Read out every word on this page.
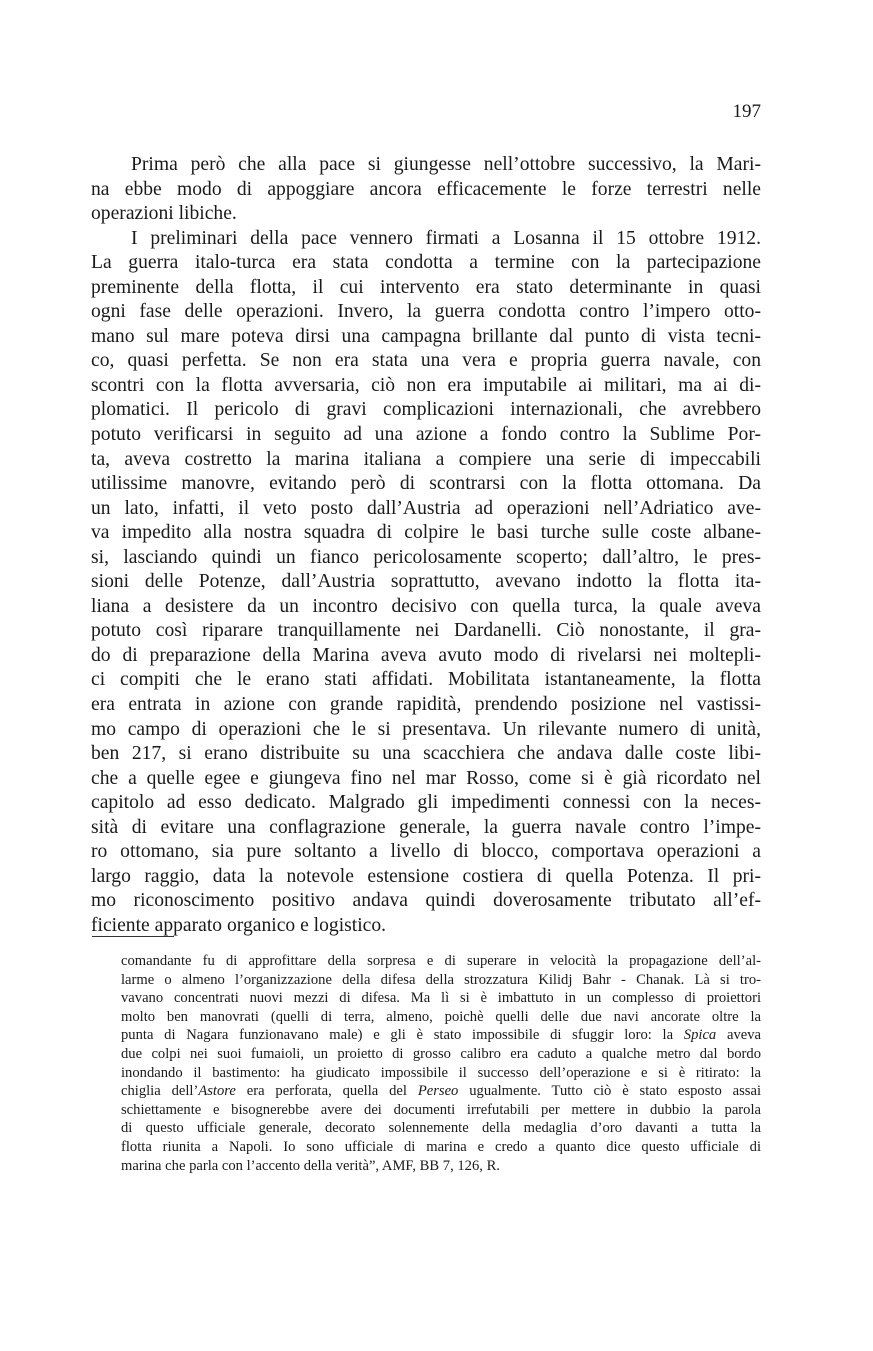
197
Prima però che alla pace si giungesse nell’ottobre successivo, la Mari-
na ebbe modo di appoggiare ancora efficacemente le forze terrestri nelle
operazioni libiche.
I preliminari della pace vennero firmati a Losanna il 15 ottobre 1912.
La guerra italo-turca era stata condotta a termine con la partecipazione
preminente della flotta, il cui intervento era stato determinante in quasi
ogni fase delle operazioni. Invero, la guerra condotta contro l’impero otto-
mano sul mare poteva dirsi una campagna brillante dal punto di vista tecni-
co, quasi perfetta. Se non era stata una vera e propria guerra navale, con
scontri con la flotta avversaria, ciò non era imputabile ai militari, ma ai di-
plomatici. Il pericolo di gravi complicazioni internazionali, che avrebbero
potuto verificarsi in seguito ad una azione a fondo contro la Sublime Por-
ta, aveva costretto la marina italiana a compiere una serie di impeccabili
utilissime manovre, evitando però di scontrarsi con la flotta ottomana. Da
un lato, infatti, il veto posto dall’Austria ad operazioni nell’Adriatico ave-
va impedito alla nostra squadra di colpire le basi turche sulle coste albane-
si, lasciando quindi un fianco pericolosamente scoperto; dall’altro, le pres-
sioni delle Potenze, dall’Austria soprattutto, avevano indotto la flotta ita-
liana a desistere da un incontro decisivo con quella turca, la quale aveva
potuto così riparare tranquillamente nei Dardanelli. Ciò nonostante, il gra-
do di preparazione della Marina aveva avuto modo di rivelarsi nei moltepli-
ci compiti che le erano stati affidati. Mobilitata istantaneamente, la flotta
era entrata in azione con grande rapidità, prendendo posizione nel vastissi-
mo campo di operazioni che le si presentava. Un rilevante numero di unità,
ben 217, si erano distribuite su una scacchiera che andava dalle coste libi-
che a quelle egee e giungeva fino nel mar Rosso, come si è già ricordato nel
capitolo ad esso dedicato. Malgrado gli impedimenti connessi con la neces-
sità di evitare una conflagrazione generale, la guerra navale contro l’impe-
ro ottomano, sia pure soltanto a livello di blocco, comportava operazioni a
largo raggio, data la notevole estensione costiera di quella Potenza. Il pri-
mo riconoscimento positivo andava quindi doverosamente tributato all’ef-
ficiente apparato organico e logistico.
comandante fu di approfittare della sorpresa e di superare in velocità la propagazione dell’al-
larme o almeno l’organizzazione della difesa della strozzatura Kilidj Bahr - Chanak. Là si tro-
vavano concentrati nuovi mezzi di difesa. Ma lì si è imbattuto in un complesso di proiettori
molto ben manovrati (quelli di terra, almeno, poichè quelli delle due navi ancorate oltre la
punta di Nagara funzionavano male) e gli è stato impossibile di sfuggir loro: la Spica aveva
due colpi nei suoi fumaioli, un proietto di grosso calibro era caduto a qualche metro dal bordo
inondando il bastimento: ha giudicato impossibile il successo dell’operazione e si è ritirato: la
chiglia dell’Astore era perforata, quella del Perseo ugualmente. Tutto ciò è stato esposto assai
schiettamente e bisognerebbe avere dei documenti irrefutabili per mettere in dubbio la parola
di questo ufficiale generale, decorato solennemente della medaglia d’oro davanti a tutta la
flotta riunita a Napoli. Io sono ufficiale di marina e credo a quanto dice questo ufficiale di
marina che parla con l’accento della verità”, AMF, BB 7, 126, R.
